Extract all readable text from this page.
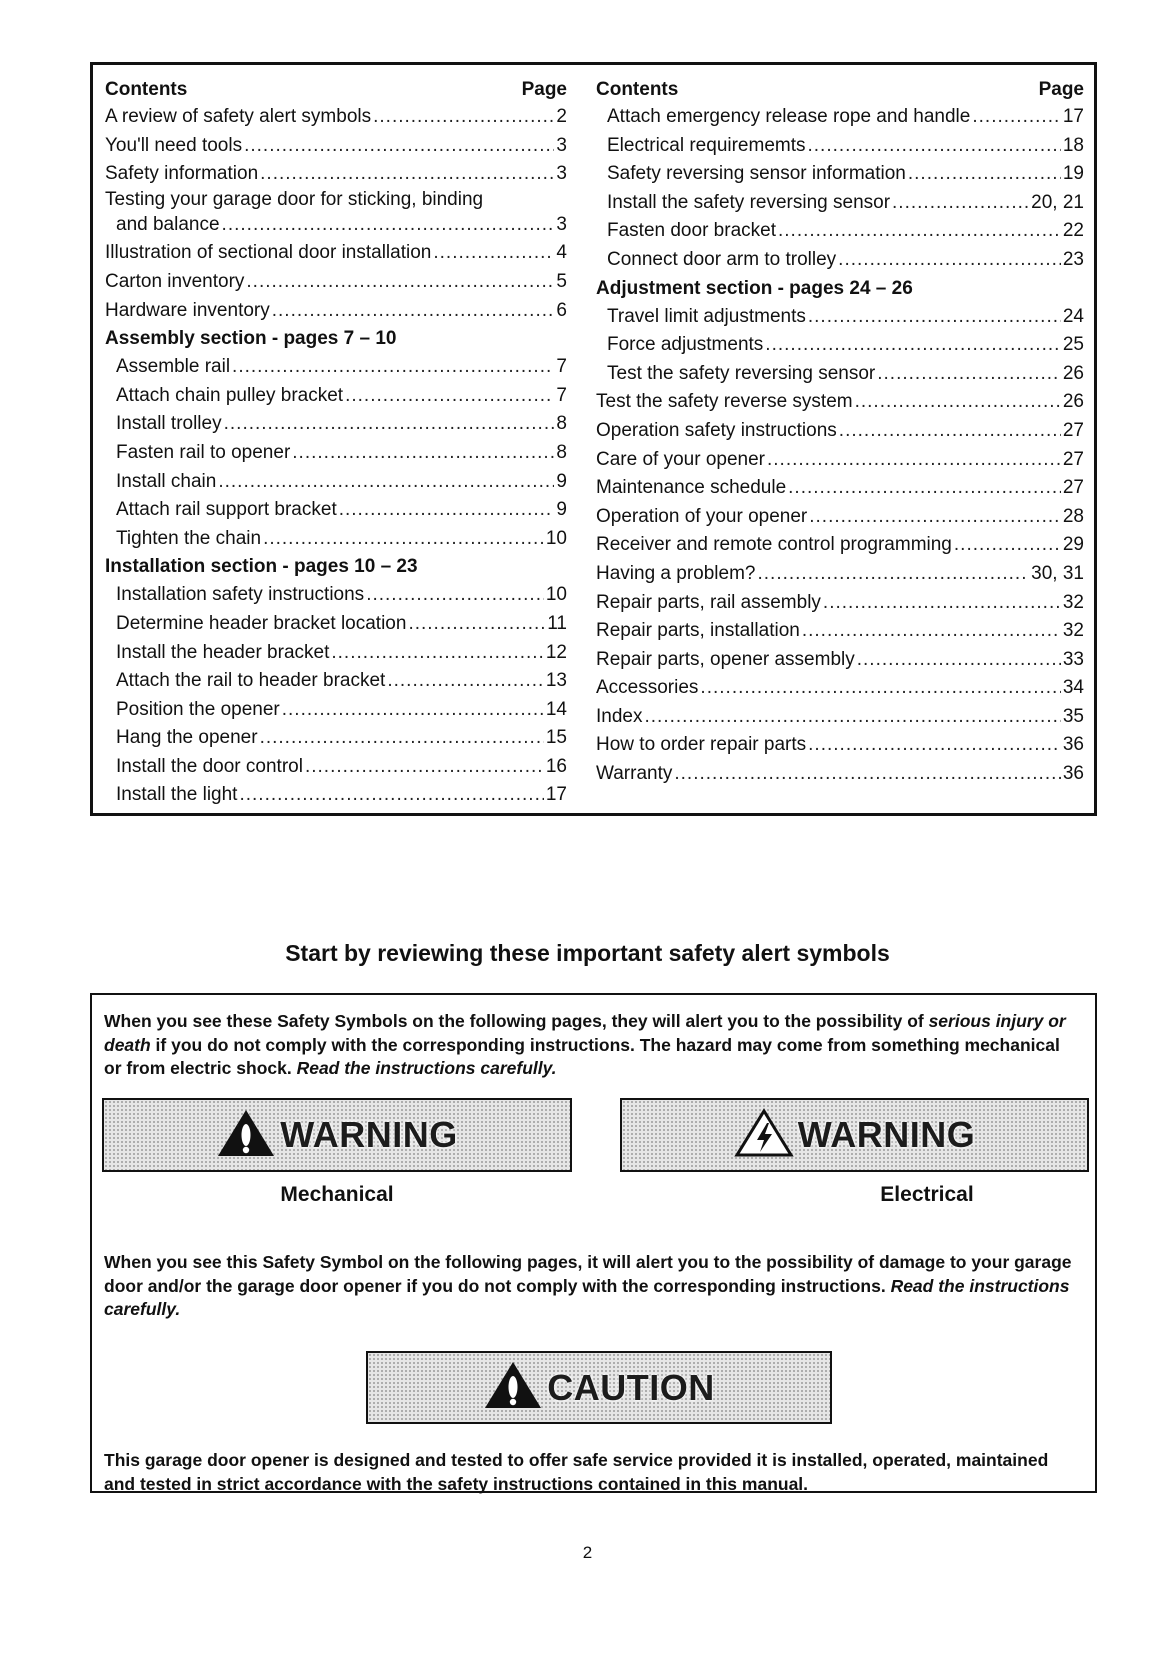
Contents	Page
A review of safety alert symbols .....	2
You'll need tools .....	3
Safety information .....	3
Testing your garage door for sticking, binding
and balance .....	3
Illustration of sectional door installation .....	4
Carton inventory .....	5
Hardware inventory .....	6
Assembly section - pages 7 – 10
Assemble rail .....	7
Attach chain pulley bracket .....	7
Install trolley .....	8
Fasten rail to opener .....	8
Install chain .....	9
Attach rail support bracket .....	9
Tighten the chain .....	10
Installation section - pages 10 – 23
Installation safety instructions .....	10
Determine header bracket location .....	11
Install the header bracket .....	12
Attach the rail to header bracket .....	13
Position the opener .....	14
Hang the opener .....	15
Install the door control .....	16
Install the light .....	17
Contents	Page
Attach emergency release rope and handle .....	17
Electrical requirememts .....	18
Safety reversing sensor information .....	19
Install the safety reversing sensor .....	20, 21
Fasten door bracket .....	22
Connect door arm to trolley .....	23
Adjustment section - pages 24 – 26
Travel limit adjustments .....	24
Force adjustments .....	25
Test the safety reversing sensor .....	26
Test the safety reverse system .....	26
Operation safety instructions .....	27
Care of your opener .....	27
Maintenance schedule .....	27
Operation of your opener .....	28
Receiver and remote control programming .....	29
Having a problem? .....	30, 31
Repair parts, rail assembly .....	32
Repair parts, installation .....	32
Repair parts, opener assembly .....	33
Accessories .....	34
Index .....	35
How to order repair parts .....	36
Warranty .....	36
Start by reviewing these important safety alert symbols
When you see these Safety Symbols on the following pages, they will alert you to the possibility of serious injury or death if you do not comply with the corresponding instructions. The hazard may come from something mechanical or from electric shock. Read the instructions carefully.
WARNING
Mechanical
WARNING
Electrical
When you see this Safety Symbol on the following pages, it will alert you to the possibility of damage to your garage door and/or the garage door opener if you do not comply with the corresponding instructions. Read the instructions carefully.
CAUTION
This garage door opener is designed and tested to offer safe service provided it is installed, operated, maintained and tested in strict accordance with the safety instructions contained in this manual.
2
